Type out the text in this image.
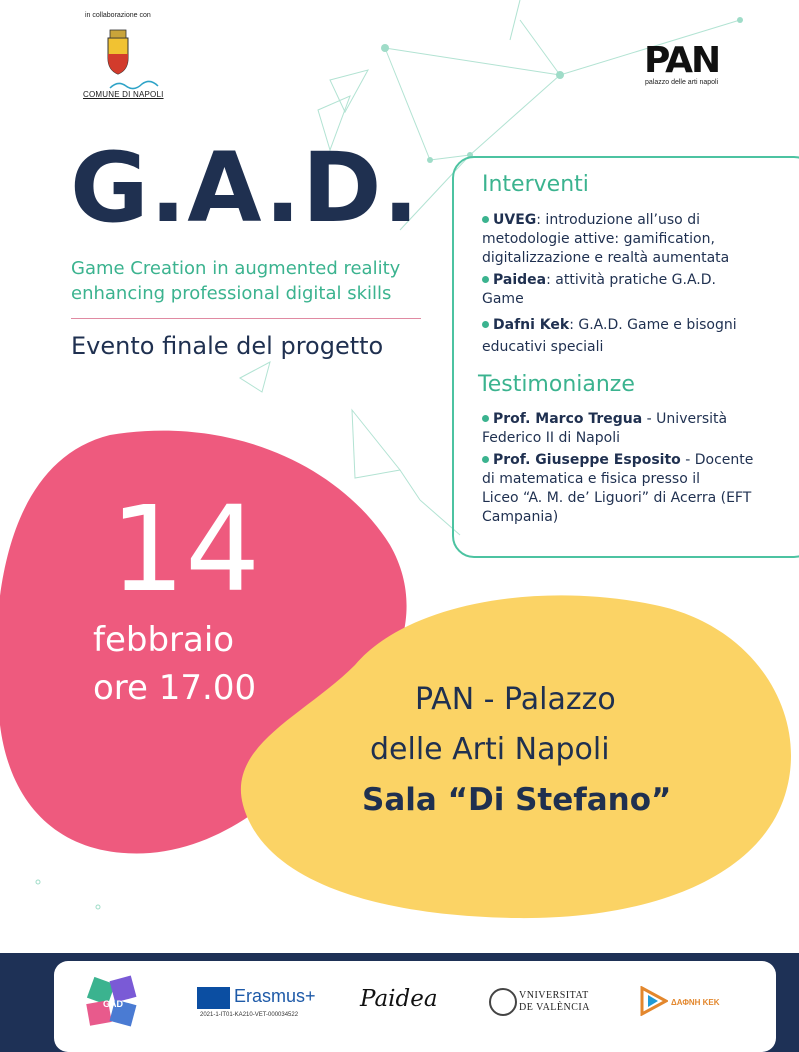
in collaborazione con
COMUNE DI NAPOLI
PAN
palazzo delle arti napoli
G.A.D.
Game Creation in augmented reality
enhancing professional digital skills
Evento finale del progetto
Interventi
UVEG: introduzione all’uso di
metodologie attive: gamification,
digitalizzazione e realtà aumentata
Paidea: attività pratiche G.A.D.
Game
Dafni Kek: G.A.D. Game e bisogni
educativi speciali
Testimonianze
Prof. Marco Tregua - Università
Federico II di Napoli
Prof. Giuseppe Esposito - Docente
di matematica e fisica presso il
Liceo “A. M. de’ Liguori” di Acerra (EFT
Campania)
14
febbraio
ore 17.00	PAN - Palazzo
delle Arti Napoli
Sala “Di Stefano”
GAD	Erasmus+
2021-1-IT01-KA210-VET-000034522
Paidea	VNIVERSITAT
DE VALÈNCIA	ΔΑΦΝΗ ΚΕΚ
